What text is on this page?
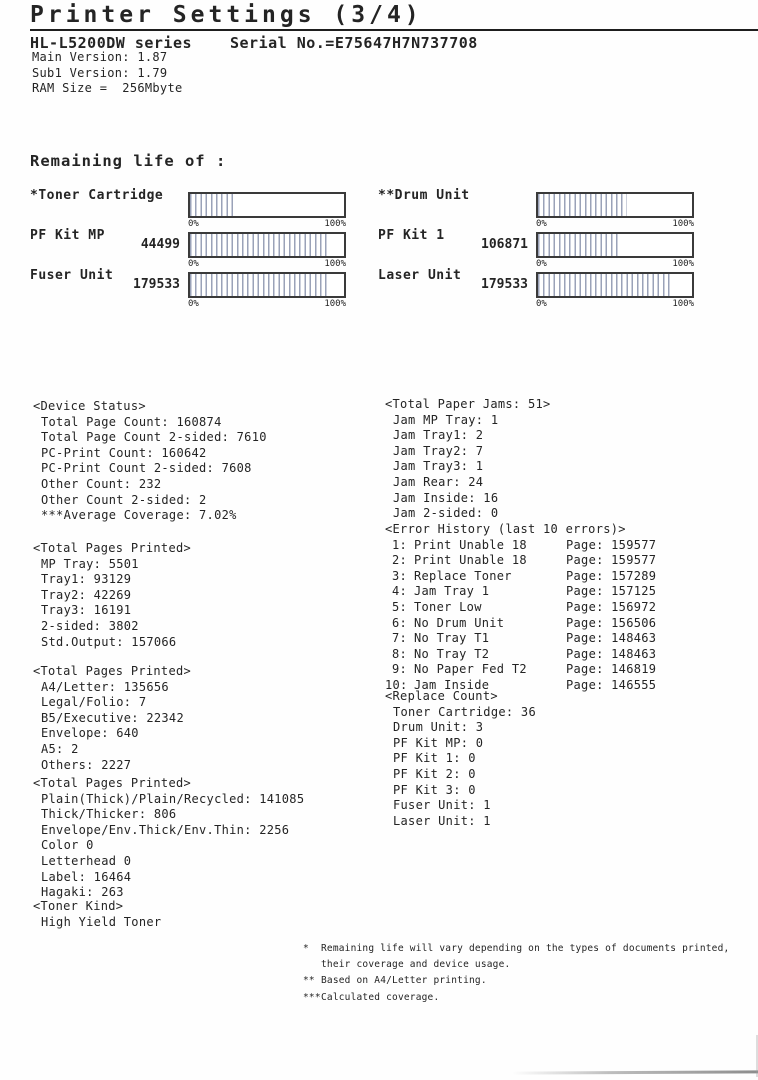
Printer Settings (3/4)
HL-L5200DW series	Serial No.=E75647H7N737708
Main Version: 1.87
Sub1 Version: 1.79
RAM Size =  256Mbyte
Remaining life of :
*Toner Cartridge
0%	100%
PF Kit MP
44499
0%	100%
Fuser Unit
179533
0%	100%
**Drum Unit
0%	100%
PF Kit 1
106871
0%	100%
Laser Unit
179533
0%	100%
<Device Status>
Total Page Count: 160874
Total Page Count 2-sided: 7610
PC-Print Count: 160642
PC-Print Count 2-sided: 7608
Other Count: 232
Other Count 2-sided: 2
***Average Coverage: 7.02%
<Total Pages Printed>
MP Tray: 5501
Tray1: 93129
Tray2: 42269
Tray3: 16191
2-sided: 3802
Std.Output: 157066
<Total Pages Printed>
A4/Letter: 135656
Legal/Folio: 7
B5/Executive: 22342
Envelope: 640
A5: 2
Others: 2227
<Total Pages Printed>
Plain(Thick)/Plain/Recycled: 141085
Thick/Thicker: 806
Envelope/Env.Thick/Env.Thin: 2256
Color 0
Letterhead 0
Label: 16464
Hagaki: 263
<Toner Kind>
High Yield Toner
<Total Paper Jams: 51>
Jam MP Tray: 1
Jam Tray1: 2
Jam Tray2: 7
Jam Tray3: 1
Jam Rear: 24
Jam Inside: 16
Jam 2-sided: 0
<Error History (last 10 errors)>
1: Print Unable 18	Page: 159577
2: Print Unable 18	Page: 159577
3: Replace Toner	Page: 157289
4: Jam Tray 1	Page: 157125
5: Toner Low	Page: 156972
6: No Drum Unit	Page: 156506
7: No Tray T1	Page: 148463
8: No Tray T2	Page: 148463
9: No Paper Fed T2	Page: 146819
10: Jam Inside	Page: 146555
<Replace Count>
Toner Cartridge: 36
Drum Unit: 3
PF Kit MP: 0
PF Kit 1: 0
PF Kit 2: 0
PF Kit 3: 0
Fuser Unit: 1
Laser Unit: 1
*	Remaining life will vary depending on the types of documents printed,
their coverage and device usage.
** Based on A4/Letter printing.
*** Calculated coverage.
